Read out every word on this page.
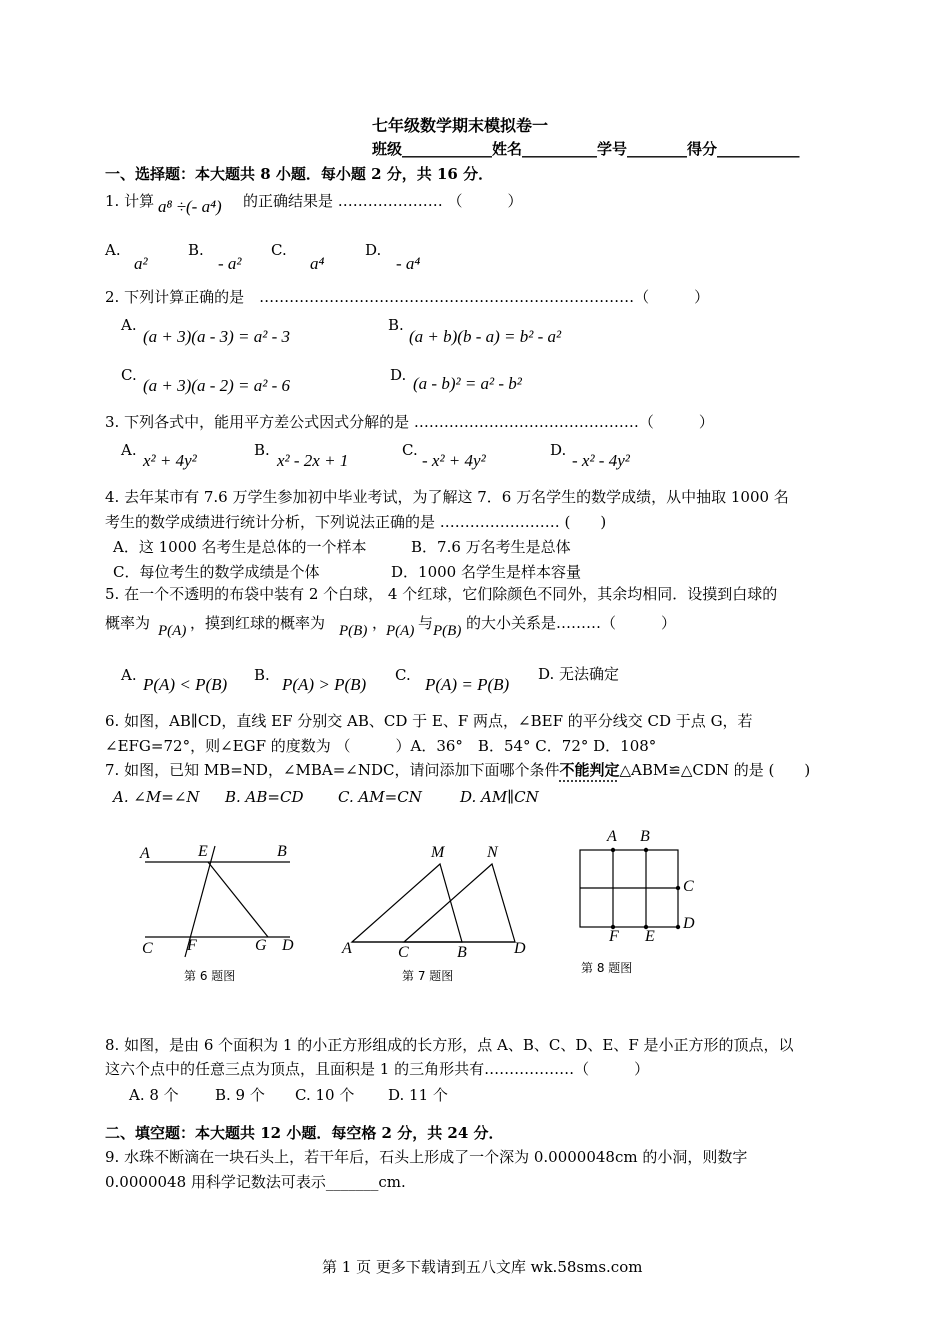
七年级数学期末模拟卷一
班级____________姓名__________学号________得分___________
一、选择题：本大题共 8 小题．每小题 2 分，共 16 分．
1. 计算 a⁸ ÷(- a⁴) 的正确结果是 ………………… （　　　）
A.
a²
B.
- a²
C.
a⁴
D.
- a⁴
2. 下列计算正确的是　…………………………………………………………………（　　　）
A.
(a + 3)(a - 3) = a² - 3
B.
(a + b)(b - a) = b² - a²
C.
(a + 3)(a - 2) = a² - 6
D. (a - b)² = a² - b²
3. 下列各式中，能用平方差公式因式分解的是 ………………………………………（　　　）
A.
x² + 4y²
B.
x² - 2x + 1
C.
- x² + 4y²
D.
- x² - 4y²
4. 去年某市有 7.6 万学生参加初中毕业考试，为了解这 7．6 万名学生的数学成绩，从中抽取 1000 名
考生的数学成绩进行统计分析，下列说法正确的是 …………………… (　　)
A．这 1000 名考生是总体的一个样本	B．7.6 万名考生是总体
C．每位考生的数学成绩是个体	D．1000 名学生是样本容量
5. 在一个不透明的布袋中装有 2 个白球， 4 个红球，它们除颜色不同外，其余均相同．设摸到白球的
概率为 P(A) ，摸到红球的概率为 P(B) ，
P(A) 与 P(B) 的大小关系是………（　　　）
A. P(A) < P(B) B. P(A) > P(B) C. P(A) = P(B)
D. 无法确定
6. 如图，AB∥CD，直线 EF 分别交 AB、CD 于 E、F 两点，∠BEF 的平分线交 CD 于点 G，若
∠EFG=72°，则∠EGF 的度数为 （　　　）A．36°　B．54° C．72° D．108°
7. 如图，已知 MB=ND，∠MBA=∠NDC，请问添加下面哪个条件不能判定△ABM≌△CDN 的是 (　　)
A. ∠M=∠N B. AB=CD C. AM=CN	D. AM∥CN
A	E	B
C F	G D
第 6 题图
M	N
A	C	B	D
第 7 题图
A B
C
D
F E
第 8 题图
8. 如图，是由 6 个面积为 1 的小正方形组成的长方形，点 A、B、C、D、E、F 是小正方形的顶点，以
这六个点中的任意三点为顶点，且面积是 1 的三角形共有………………（　　　）
A. 8 个 B. 9 个 C. 10 个 D. 11 个
二、填空题：本大题共 12 小题．每空格 2 分，共 24 分．
9. 水珠不断滴在一块石头上，若干年后，石头上形成了一个深为 0.0000048cm 的小洞，则数字
0.0000048 用科学记数法可表示_______cm.
第 1 页 更多下载请到五八文库 wk.58sms.com
